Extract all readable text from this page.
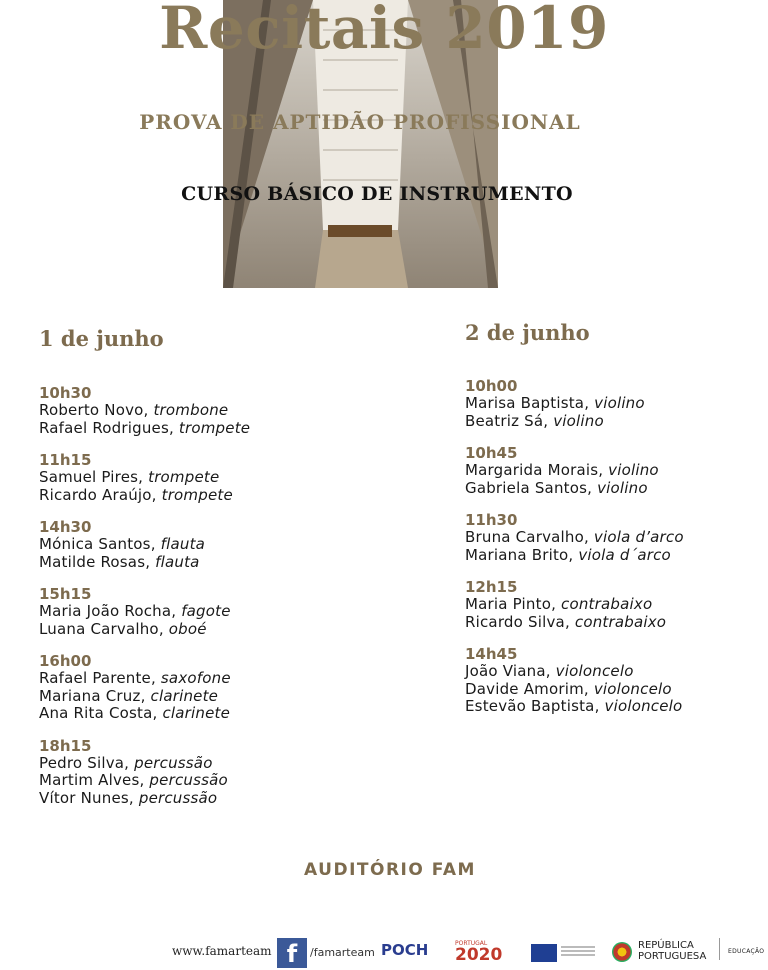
Recitais 2019
PROVA DE APTIDÃO PROFISSIONAL
CURSO BÁSICO DE INSTRUMENTO
1 de junho
10h30
Roberto Novo, trombone
Rafael Rodrigues, trompete
11h15
Samuel Pires, trompete
Ricardo Araújo, trompete
14h30
Mónica Santos, flauta
Matilde Rosas, flauta
15h15
Maria João Rocha, fagote
Luana Carvalho, oboé
16h00
Rafael Parente, saxofone
Mariana Cruz, clarinete
Ana Rita Costa, clarinete
18h15
Pedro Silva, percussão
Martim Alves, percussão
Vítor Nunes, percussão
2 de junho
10h00
Marisa Baptista, violino
Beatriz Sá, violino
10h45
Margarida Morais, violino
Gabriela Santos, violino
11h30
Bruna Carvalho, viola d’arco
Mariana Brito, viola d´arco
12h15
Maria Pinto, contrabaixo
Ricardo Silva, contrabaixo
14h45
João Viana, violoncelo
Davide Amorim, violoncelo
Estevão Baptista, violoncelo
AUDITÓRIO FAM
www.famarteam f	/famarteam POCH	PORTUGAL
2020	REPÚBLICA
PORTUGUESA	EDUCAÇÃO
